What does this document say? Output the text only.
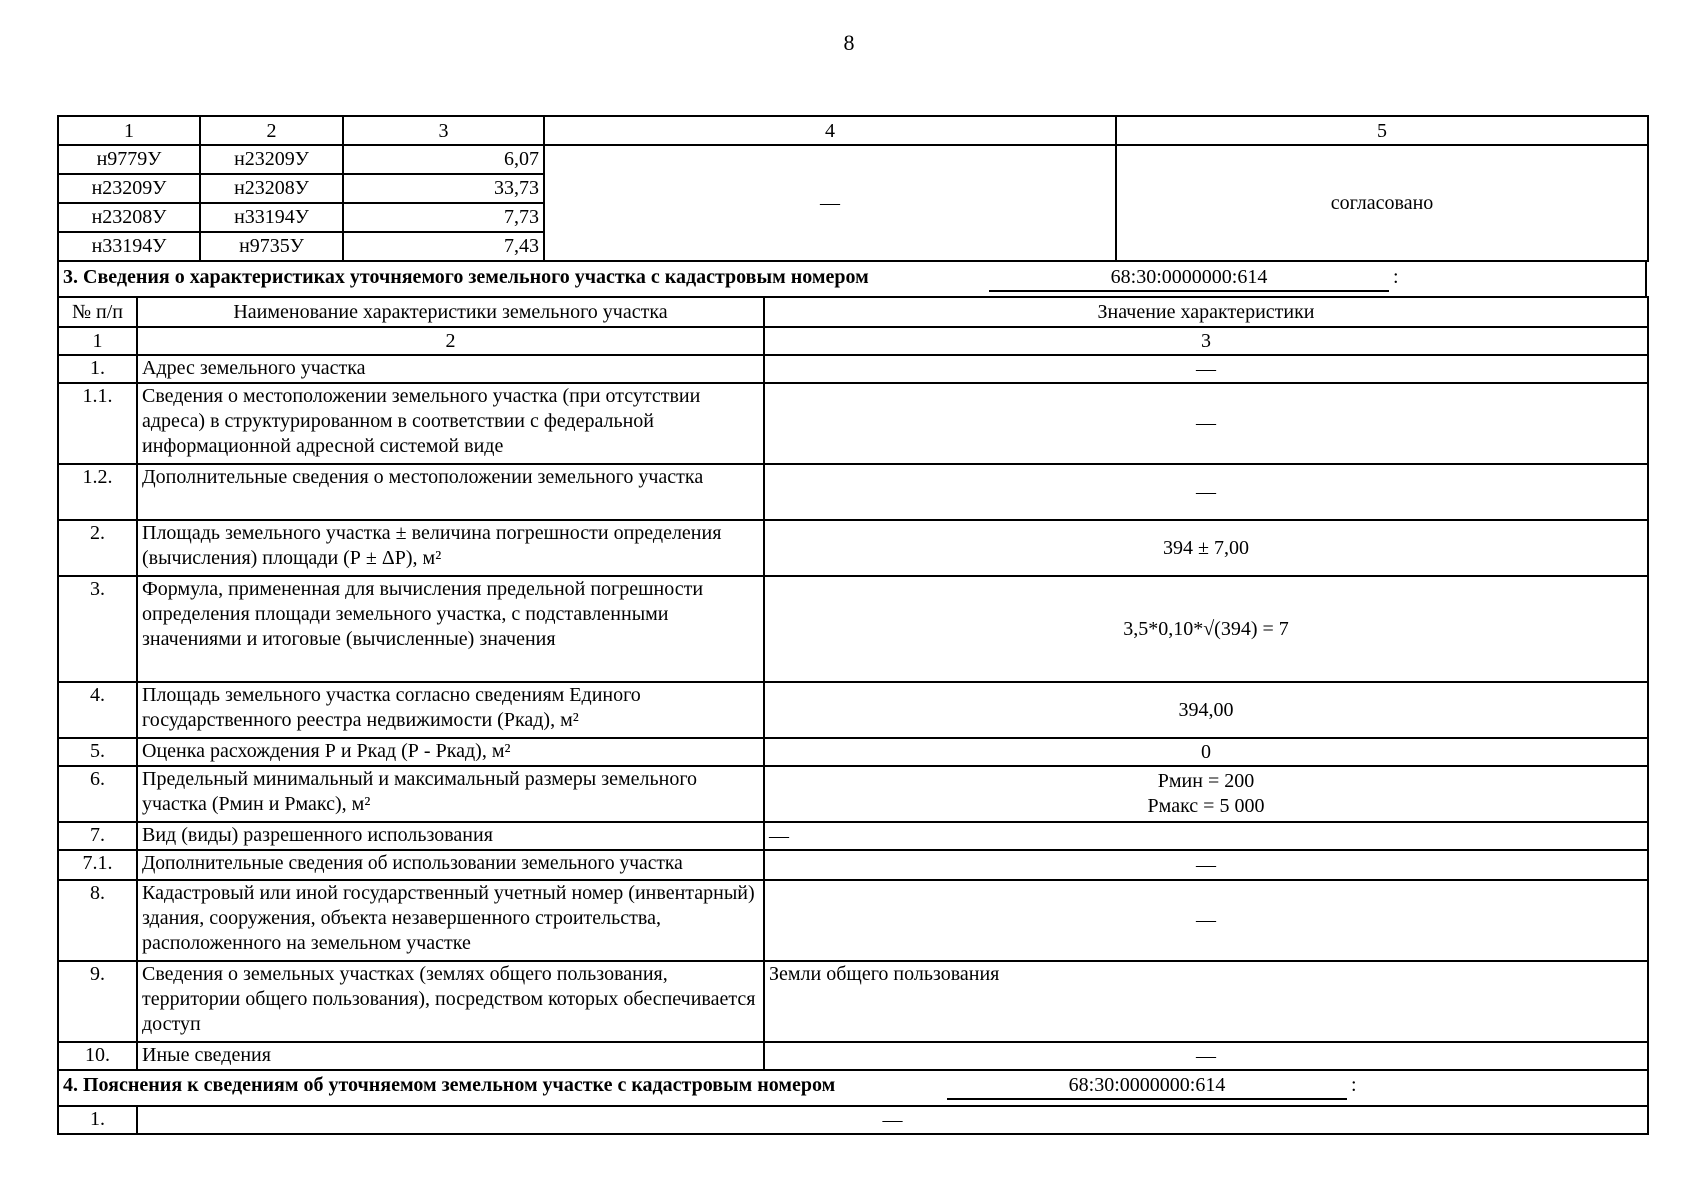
8
1	2	3	4	5
н9779У	н23209У	6,07	—	согласовано
н23209У	н23208У	33,73		
н23208У	н33194У	7,73		
н33194У	н9735У	7,43		
3. Сведения о характеристиках уточняемого земельного участка с кадастровым номером	68:30:0000000:614	:
№ п/п	Наименование характеристики земельного участка	Значение характеристики
1	2	3
1.	Адрес земельного участка	—
1.1.	Сведения о местоположении земельного участка (при отсутствии адреса) в структурированном в соответствии с федеральной информационной адресной системой виде	—
1.2.	Дополнительные сведения о местоположении земельного участка	—
2.	Площадь земельного участка ± величина погрешности определения (вычисления) площади (Р ± ΔР), м²	394 ± 7,00
3.	Формула, примененная для вычисления предельной погрешности определения площади земельного участка, с подставленными значениями и итоговые (вычисленные) значения	3,5*0,10*√(394) = 7
4.	Площадь земельного участка согласно сведениям Единого государственного реестра недвижимости (Ркад), м²	394,00
5.	Оценка расхождения Р и Ркад (Р - Ркад), м²	0
6.	Предельный минимальный и максимальный размеры земельного участка (Рмин и Рмакс), м²	Рмин = 200
Рмакс = 5 000

7.	Вид (виды) разрешенного использования	—
7.1.	Дополнительные сведения об использовании земельного участка	—
8.	Кадастровый или иной государственный учетный номер (инвентарный) здания, сооружения, объекта незавершенного строительства, расположенного на земельном участке	—
9.	Сведения о земельных участках (землях общего пользования, территории общего пользования), посредством которых обеспечивается доступ	Земли общего пользования
10.	Иные сведения	—

4. Пояснения к сведениям об уточняемом земельном участке с кадастровым номером 68:30:0000000:614 :		

1.	—	
